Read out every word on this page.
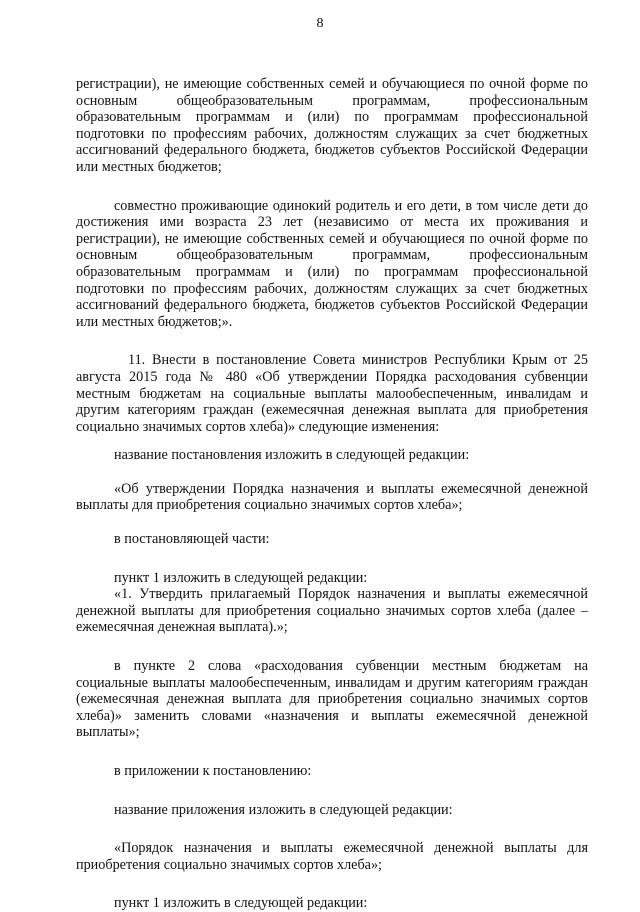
8

регистрации), не имеющие собственных семей и обучающиеся по очной форме по основным общеобразовательным программам, профессиональным образовательным программам и (или) по программам профессиональной подготовки по профессиям рабочих, должностям служащих за счет бюджетных ассигнований федерального бюджета, бюджетов субъектов Российской Федерации или местных бюджетов;

совместно проживающие одинокий родитель и его дети, в том числе дети до достижения ими возраста 23 лет (независимо от места их проживания и регистрации), не имеющие собственных семей и обучающиеся по очной форме по основным общеобразовательным программам, профессиональным образовательным программам и (или) по программам профессиональной подготовки по профессиям рабочих, должностям служащих за счет бюджетных ассигнований федерального бюджета, бюджетов субъектов Российской Федерации или местных бюджетов;».

11. Внести в постановление Совета министров Республики Крым от 25 августа 2015 года № 480 «Об утверждении Порядка расходования субвенции местным бюджетам на социальные выплаты малообеспеченным, инвалидам и другим категориям граждан (ежемесячная денежная выплата для приобретения социально значимых сортов хлеба)» следующие изменения:

название постановления изложить в следующей редакции:

«Об утверждении Порядка назначения и выплаты ежемесячной денежной выплаты для приобретения социально значимых сортов хлеба»;

в постановляющей части:

пункт 1 изложить в следующей редакции:

«1. Утвердить прилагаемый Порядок назначения и выплаты ежемесячной денежной выплаты для приобретения социально значимых сортов хлеба (далее – ежемесячная денежная выплата).»;

в пункте 2 слова «расходования субвенции местным бюджетам на социальные выплаты малообеспеченным, инвалидам и другим категориям граждан (ежемесячная денежная выплата для приобретения социально значимых сортов хлеба)» заменить словами «назначения и выплаты ежемесячной денежной выплаты»;

в приложении к постановлению:

название приложения изложить в следующей редакции:

«Порядок назначения и выплаты ежемесячной денежной выплаты для приобретения социально значимых сортов хлеба»;

пункт 1 изложить в следующей редакции:
